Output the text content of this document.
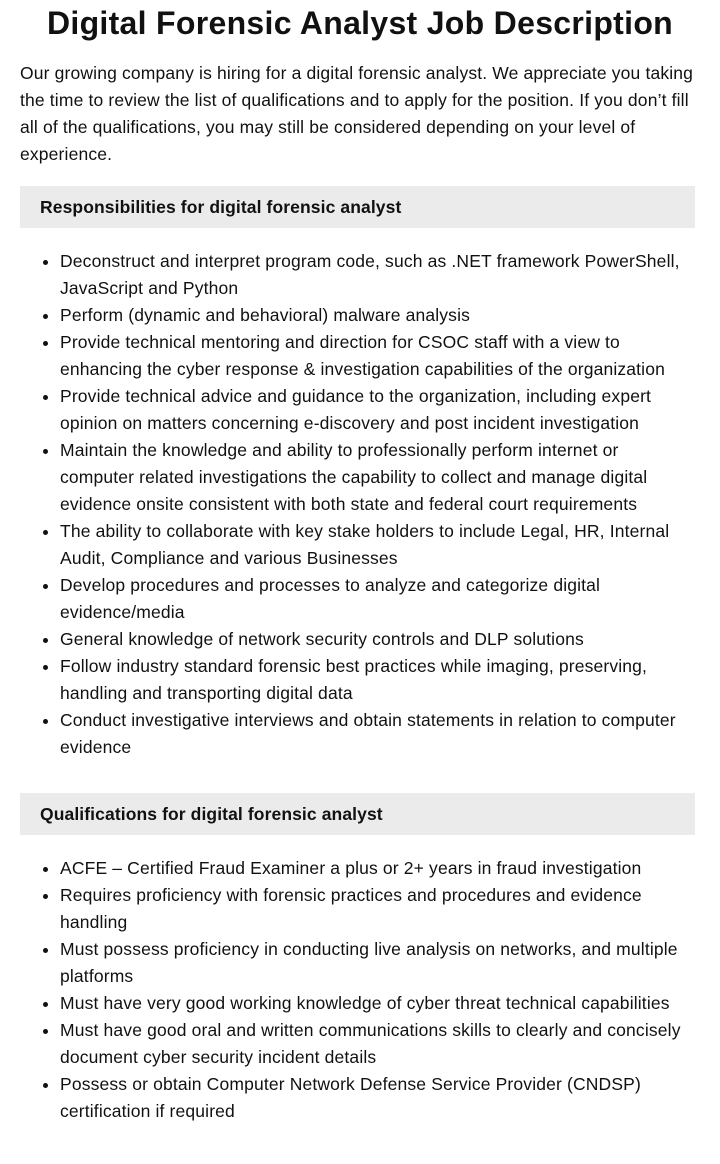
Digital Forensic Analyst Job Description

Our growing company is hiring for a digital forensic analyst. We appreciate you taking the time to review the list of qualifications and to apply for the position. If you don’t fill all of the qualifications, you may still be considered depending on your level of experience.

Responsibilities for digital forensic analyst
• Deconstruct and interpret program code, such as .NET framework PowerShell, JavaScript and Python
• Perform (dynamic and behavioral) malware analysis
• Provide technical mentoring and direction for CSOC staff with a view to enhancing the cyber response & investigation capabilities of the organization
• Provide technical advice and guidance to the organization, including expert opinion on matters concerning e-discovery and post incident investigation
• Maintain the knowledge and ability to professionally perform internet or computer related investigations the capability to collect and manage digital evidence onsite consistent with both state and federal court requirements
• The ability to collaborate with key stake holders to include Legal, HR, Internal Audit, Compliance and various Businesses
• Develop procedures and processes to analyze and categorize digital evidence/media
• General knowledge of network security controls and DLP solutions
• Follow industry standard forensic best practices while imaging, preserving, handling and transporting digital data
• Conduct investigative interviews and obtain statements in relation to computer evidence
Qualifications for digital forensic analyst
• ACFE – Certified Fraud Examiner a plus or 2+ years in fraud investigation
• Requires proficiency with forensic practices and procedures and evidence handling
• Must possess proficiency in conducting live analysis on networks, and multiple platforms
• Must have very good working knowledge of cyber threat technical capabilities
• Must have good oral and written communications skills to clearly and concisely document cyber security incident details
• Possess or obtain Computer Network Defense Service Provider (CNDSP) certification if required
